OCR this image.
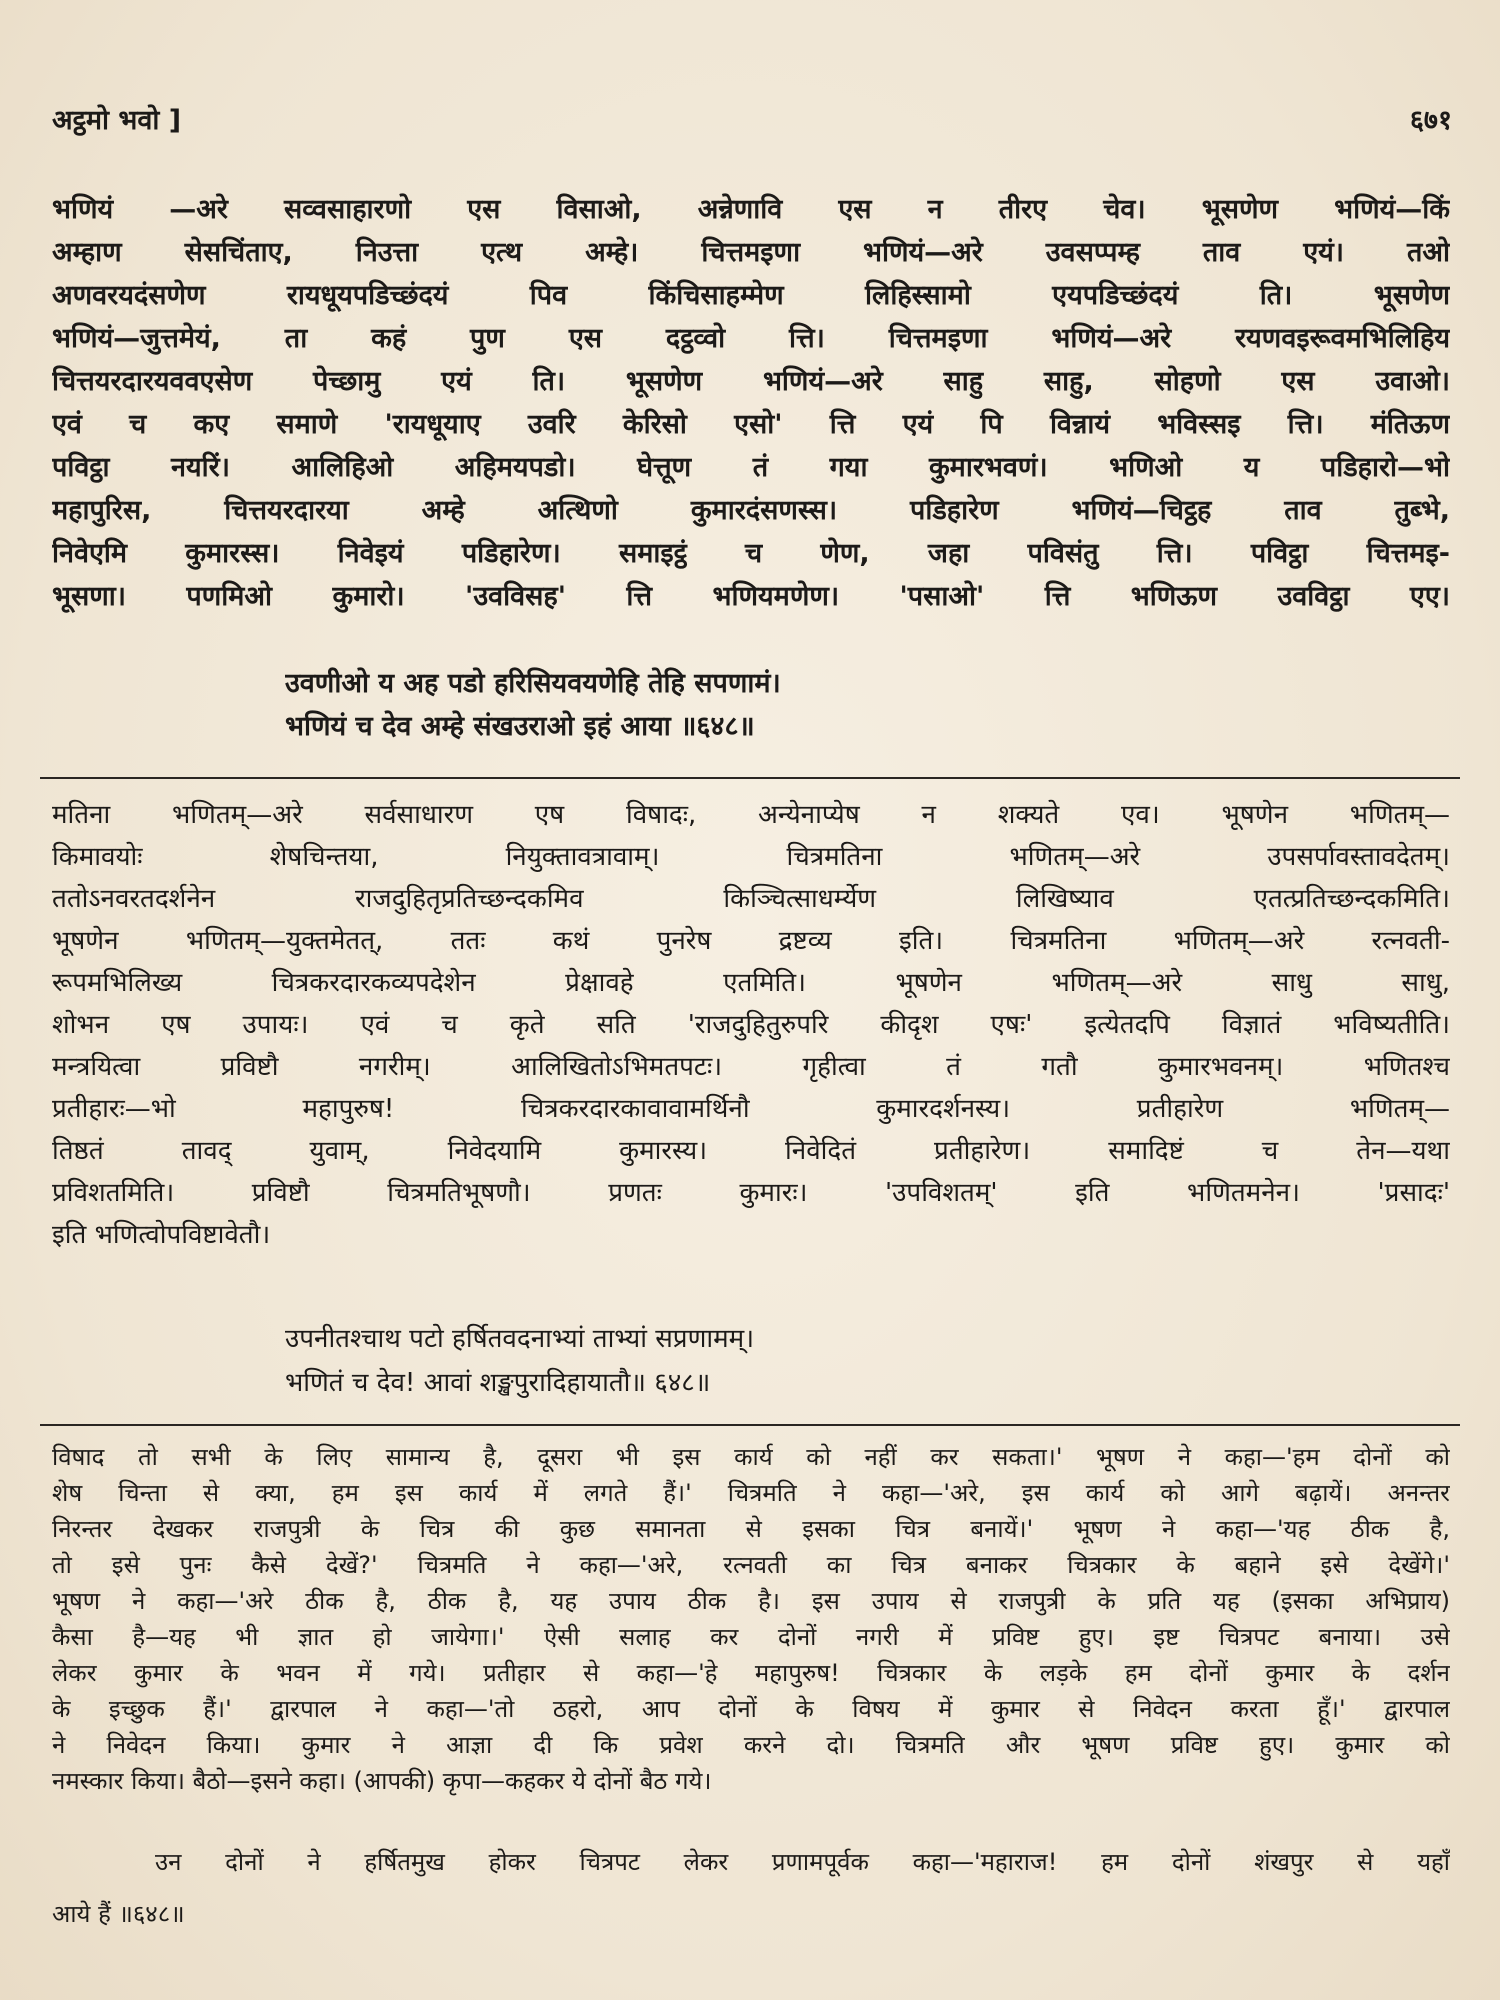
अट्ठमो भवो ]	६७१
भणियं —अरे सव्वसाहारणो एस विसाओ, अन्नेणावि एस न तीरए चेव। भूसणेण भणियं—किं
अम्हाण सेसचिंताए, निउत्ता एत्थ अम्हे। चित्तमइणा भणियं—अरे उवसप्पम्ह ताव एयं। तओ
अणवरयदंसणेण रायधूयपडिच्छंदयं पिव किंचिसाहम्मेण लिहिस्सामो एयपडिच्छंदयं ति। भूसणेण
भणियं—जुत्तमेयं, ता कहं पुण एस दट्ठव्वो त्ति। चित्तमइणा भणियं—अरे रयणवइरूवमभिलिहिय
चित्तयरदारयववएसेण पेच्छामु एयं ति। भूसणेण भणियं—अरे साहु साहु, सोहणो एस उवाओ।
एवं च कए समाणे 'रायधूयाए उवरि केरिसो एसो' त्ति एयं पि विन्नायं भविस्सइ त्ति। मंतिऊण
पविट्ठा नयरिं। आलिहिओ अहिमयपडो। घेत्तूण तं गया कुमारभवणं। भणिओ य पडिहारो—भो
महापुरिस, चित्तयरदारया अम्हे अत्थिणो कुमारदंसणस्स। पडिहारेण भणियं—चिट्ठह ताव तुब्भे,
निवेएमि कुमारस्स। निवेइयं पडिहारेण। समाइट्ठं च णेण, जहा पविसंतु त्ति। पविट्ठा चित्तमइ-
भूसणा। पणमिओ कुमारो। 'उवविसह' त्ति भणियमणेण। 'पसाओ' त्ति भणिऊण उवविट्ठा एए।
उवणीओ य अह पडो हरिसियवयणेहि तेहि सपणामं।
भणियं च देव अम्हे संखउराओ इहं आया ॥६४८॥
मतिना भणितम्—अरे सर्वसाधारण एष विषादः, अन्येनाप्येष न शक्यते एव। भूषणेन भणितम्—
किमावयोः शेषचिन्तया, नियुक्तावत्रावाम्। चित्रमतिना भणितम्—अरे उपसर्पावस्तावदेतम्।
ततोऽनवरतदर्शनेन राजदुहितृप्रतिच्छन्दकमिव किञ्चित्साधर्म्येण लिखिष्याव एतत्प्रतिच्छन्दकमिति।
भूषणेन भणितम्—युक्तमेतत्, ततः कथं पुनरेष द्रष्टव्य इति। चित्रमतिना भणितम्—अरे रत्नवती-
रूपमभिलिख्य चित्रकरदारकव्यपदेशेन प्रेक्षावहे एतमिति। भूषणेन भणितम्—अरे साधु साधु,
शोभन एष उपायः। एवं च कृते सति 'राजदुहितुरुपरि कीदृश एषः' इत्येतदपि विज्ञातं भविष्यतीति।
मन्त्रयित्वा प्रविष्टौ नगरीम्। आलिखितोऽभिमतपटः। गृहीत्वा तं गतौ कुमारभवनम्। भणितश्च
प्रतीहारः—भो महापुरुष! चित्रकरदारकावावामर्थिनौ कुमारदर्शनस्य। प्रतीहारेण भणितम्—
तिष्ठतं तावद् युवाम्, निवेदयामि कुमारस्य। निवेदितं प्रतीहारेण। समादिष्टं च तेन—यथा
प्रविशतमिति। प्रविष्टौ चित्रमतिभूषणौ। प्रणतः कुमारः। 'उपविशतम्' इति भणितमनेन। 'प्रसादः'
इति भणित्वोपविष्टावेतौ।
उपनीतश्चाथ पटो हर्षितवदनाभ्यां ताभ्यां सप्रणामम्।
भणितं च देव! आवां शङ्खपुरादिहायातौ॥ ६४८॥
विषाद तो सभी के लिए सामान्य है, दूसरा भी इस कार्य को नहीं कर सकता।' भूषण ने कहा—'हम दोनों को
शेष चिन्ता से क्या, हम इस कार्य में लगते हैं।' चित्रमति ने कहा—'अरे, इस कार्य को आगे बढ़ायें। अनन्तर
निरन्तर देखकर राजपुत्री के चित्र की कुछ समानता से इसका चित्र बनायें।' भूषण ने कहा—'यह ठीक है,
तो इसे पुनः कैसे देखें?' चित्रमति ने कहा—'अरे, रत्नवती का चित्र बनाकर चित्रकार के बहाने इसे देखेंगे।'
भूषण ने कहा—'अरे ठीक है, ठीक है, यह उपाय ठीक है। इस उपाय से राजपुत्री के प्रति यह (इसका अभिप्राय)
कैसा है—यह भी ज्ञात हो जायेगा।' ऐसी सलाह कर दोनों नगरी में प्रविष्ट हुए। इष्ट चित्रपट बनाया। उसे
लेकर कुमार के भवन में गये। प्रतीहार से कहा—'हे महापुरुष! चित्रकार के लड़के हम दोनों कुमार के दर्शन
के इच्छुक हैं।' द्वारपाल ने कहा—'तो ठहरो, आप दोनों के विषय में कुमार से निवेदन करता हूँ।' द्वारपाल
ने निवेदन किया। कुमार ने आज्ञा दी कि प्रवेश करने दो। चित्रमति और भूषण प्रविष्ट हुए। कुमार को
नमस्कार किया। बैठो—इसने कहा। (आपकी) कृपा—कहकर ये दोनों बैठ गये।
उन दोनों ने हर्षितमुख होकर चित्रपट लेकर प्रणामपूर्वक कहा—'महाराज! हम दोनों शंखपुर से यहाँ
आये हैं ॥६४८॥
